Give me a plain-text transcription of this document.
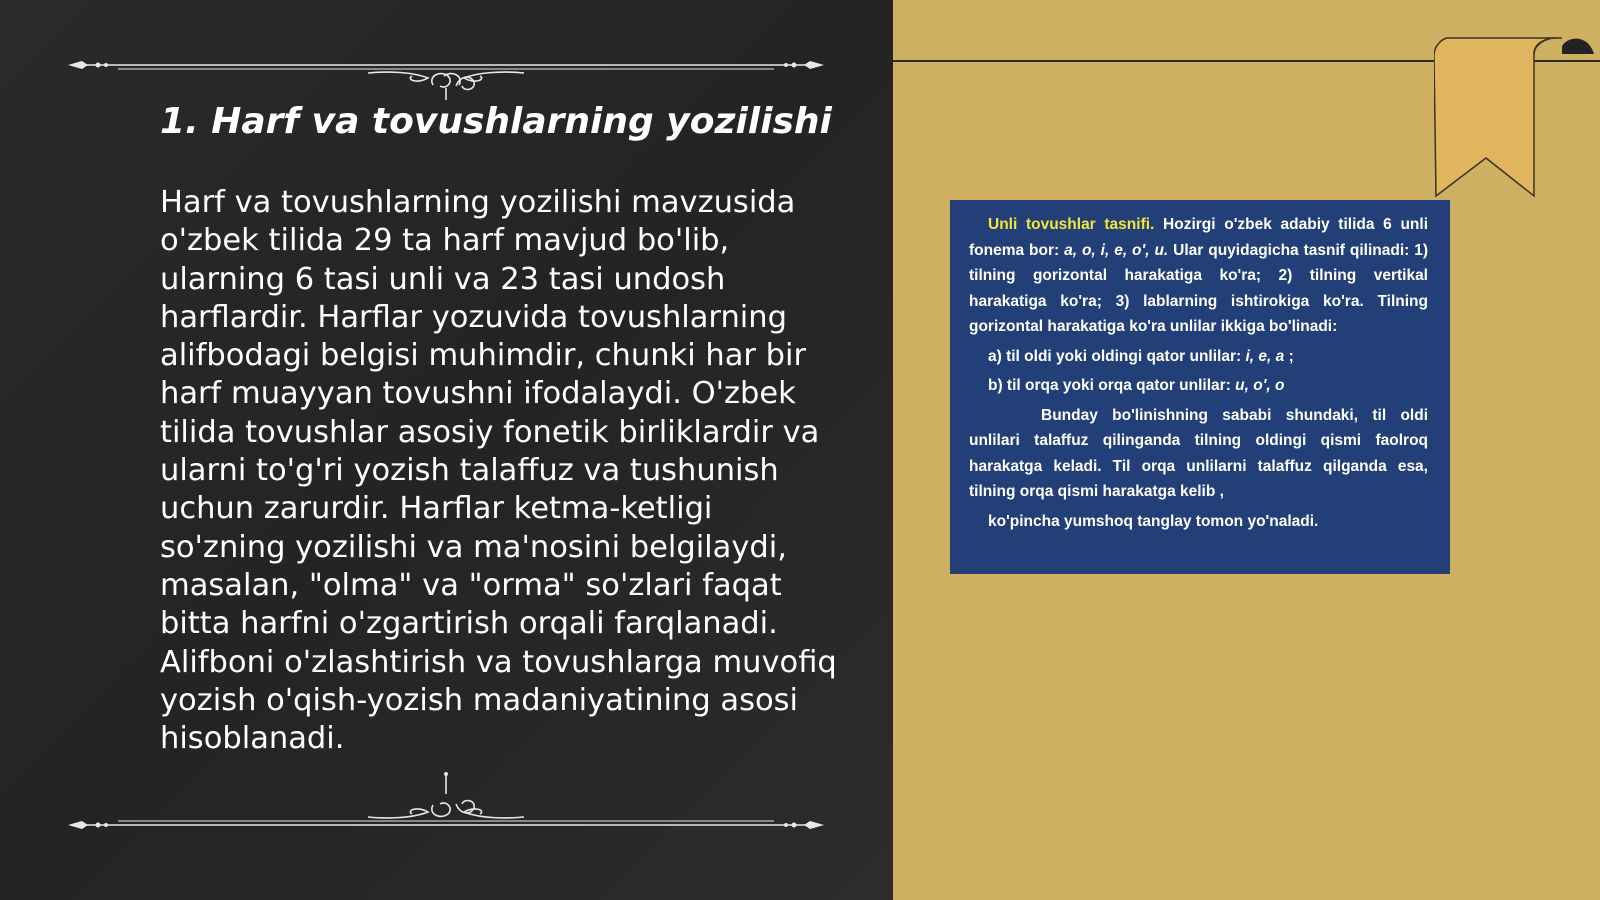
1. Harf va tovushlarning yozilishi

Harf va tovushlarning yozilishi mavzusida o'zbek tilida 29 ta harf mavjud bo'lib, ularning 6 tasi unli va 23 tasi undosh harflardir. Harflar yozuvida tovushlarning alifbodagi belgisi muhimdir, chunki har bir harf muayyan tovushni ifodalaydi. O'zbek tilida tovushlar asosiy fonetik birliklardir va ularni to'g'ri yozish talaffuz va tushunish uchun zarurdir. Harflar ketma-ketligi so'zning yozilishi va ma'nosini belgilaydi, masalan, "olma" va "orma" so'zlari faqat bitta harfni o'zgartirish orqali farqlanadi. Alifboni o'zlashtirish va tovushlarga muvofiq yozish o'qish-yozish madaniyatining asosi hisoblanadi.

Unli tovushlar tasnifi. Hozirgi o'zbek adabiy tilida 6 unli fonema bor: a, o, i, e, o', u. Ular quyidagicha tasnif qilinadi: 1) tilning gorizontal harakatiga ko'ra; 2) tilning vertikal harakatiga ko'ra; 3) lablarning ishtirokiga ko'ra. Tilning gorizontal harakatiga ko'ra unlilar ikkiga bo'linadi:

a) til oldi yoki oldingi qator unlilar: i, e, a ;

b) til orqa yoki orqa qator unlilar: u, o', o

Bunday bo'linishning sababi shundaki, til oldi unlilari talaffuz qilinganda tilning oldingi qismi faolroq harakatga keladi. Til orqa unlilarni talaffuz qilganda esa, tilning orqa qismi harakatga kelib ,

ko'pincha yumshoq tanglay tomon yo'naladi.
